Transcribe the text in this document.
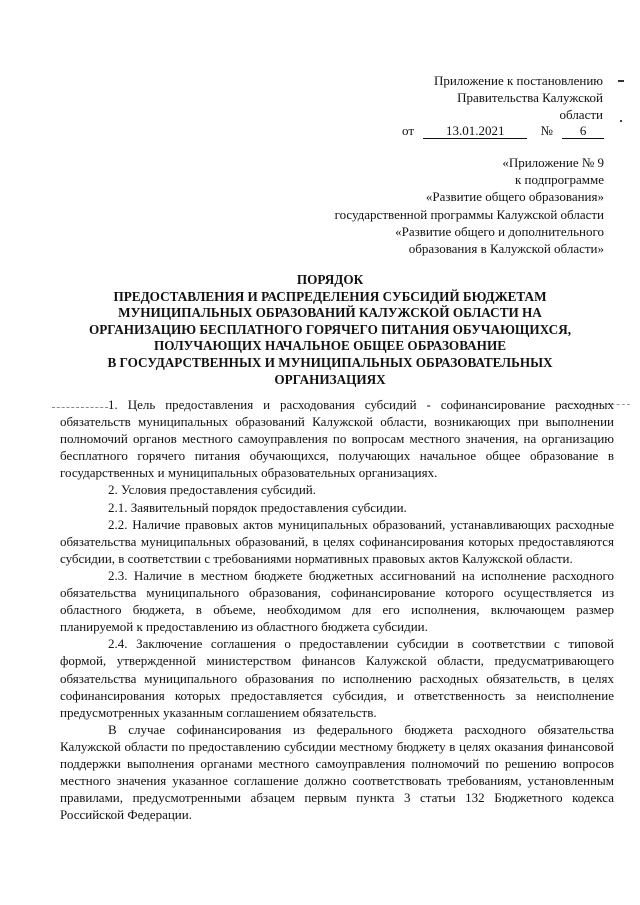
Приложение к постановлению
Правительства Калужской
области
от 13.01.2021	№ 6
«Приложение № 9
к подпрограмме
«Развитие общего образования»
государственной программы Калужской области
«Развитие общего и дополнительного
образования в Калужской области»
ПОРЯДОК
ПРЕДОСТАВЛЕНИЯ И РАСПРЕДЕЛЕНИЯ СУБСИДИЙ БЮДЖЕТАМ
МУНИЦИПАЛЬНЫХ ОБРАЗОВАНИЙ КАЛУЖСКОЙ ОБЛАСТИ НА
ОРГАНИЗАЦИЮ БЕСПЛАТНОГО ГОРЯЧЕГО ПИТАНИЯ ОБУЧАЮЩИХСЯ,
ПОЛУЧАЮЩИХ НАЧАЛЬНОЕ ОБЩЕЕ ОБРАЗОВАНИЕ
В ГОСУДАРСТВЕННЫХ И МУНИЦИПАЛЬНЫХ ОБРАЗОВАТЕЛЬНЫХ
ОРГАНИЗАЦИЯХ

1. Цель предоставления и расходования субсидий - софинансирование расходных обязательств муниципальных образований Калужской области, возникающих при выполнении полномочий органов местного самоуправления по вопросам местного значения, на организацию бесплатного горячего питания обучающихся, получающих начальное общее образование в государственных и муниципальных образовательных организациях.

2. Условия предоставления субсидий.

2.1. Заявительный порядок предоставления субсидии.

2.2. Наличие правовых актов муниципальных образований, устанавливающих расходные обязательства муниципальных образований, в целях софинансирования которых предоставляются субсидии, в соответствии с требованиями нормативных правовых актов Калужской области.

2.3. Наличие в местном бюджете бюджетных ассигнований на исполнение расходного обязательства муниципального образования, софинансирование которого осуществляется из областного бюджета, в объеме, необходимом для его исполнения, включающем размер планируемой к предоставлению из областного бюджета субсидии.

2.4. Заключение соглашения о предоставлении субсидии в соответствии с типовой формой, утвержденной министерством финансов Калужской области, предусматривающего обязательства муниципального образования по исполнению расходных обязательств, в целях софинансирования которых предоставляется субсидия, и ответственность за неисполнение предусмотренных указанным соглашением обязательств.

В случае софинансирования из федерального бюджета расходного обязательства Калужской области по предоставлению субсидии местному бюджету в целях оказания финансовой поддержки выполнения органами местного самоуправления полномочий по решению вопросов местного значения указанное соглашение должно соответствовать требованиям, установленным правилами, предусмотренными абзацем первым пункта 3 статьи 132 Бюджетного кодекса Российской Федерации.
